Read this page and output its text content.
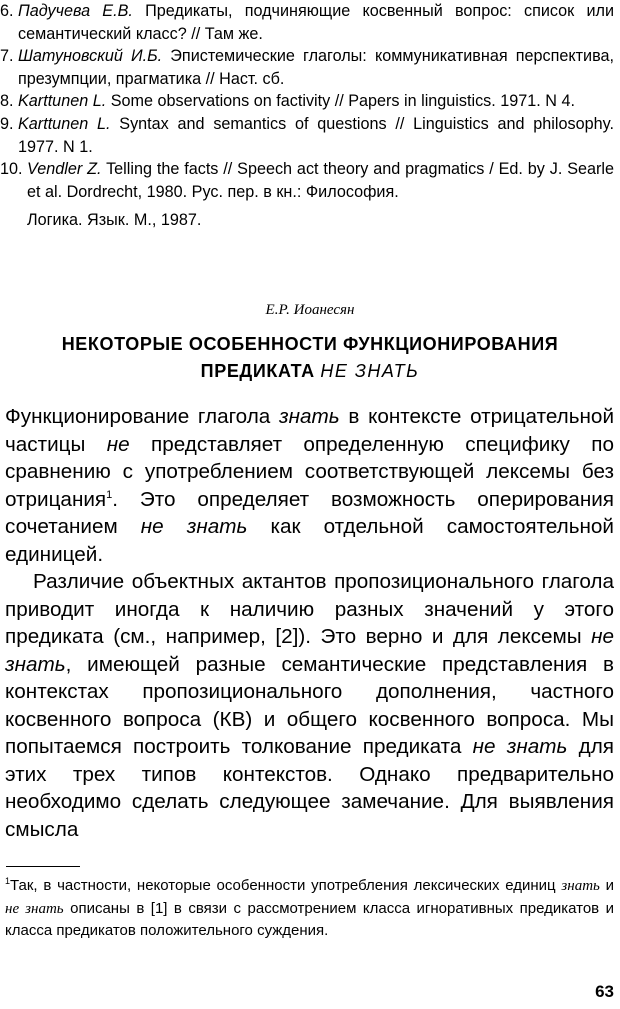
6. Падучева Е.В. Предикаты, подчиняющие косвенный вопрос: список или семантический класс? // Там же.
7. Шатуновский И.Б. Эпистемические глаголы: коммуникативная перспектива, презумпции, прагматика // Наст. сб.
8. Karttunen L. Some observations on factivity // Papers in linguistics. 1971. N 4.
9. Karttunen L. Syntax and semantics of questions // Linguistics and philosophy. 1977. N 1.
10. Vendler Z. Telling the facts // Speech act theory and pragmatics / Ed. by J. Searle et al. Dordrecht, 1980. Рус. пер. в кн.: Философия.
Логика. Язык. М., 1987.
Е.Р. Иоанесян
НЕКОТОРЫЕ ОСОБЕННОСТИ ФУНКЦИОНИРОВАНИЯ
ПРЕДИКАТА НЕ ЗНАТЬ

Функционирование глагола знать в контексте отрицательной частицы не представляет определенную специфику по сравнению с употреблением соответствующей лексемы без отрицания$^1$. Это определяет возможность оперирования сочетанием не знать как отдельной самостоятельной единицей.

Различие объектных актантов пропозиционального глагола приводит иногда к наличию разных значений у этого предиката (см., например, [2]). Это верно и для лексемы не знать, имеющей разные семантические представления в контекстах пропозиционального дополнения, частного косвенного вопроса (КВ) и общего косвенного вопроса. Мы попытаемся построить толкование предиката не знать для этих трех типов контекстов. Однако предварительно необходимо сделать следующее замечание. Для выявления смысла

$^1$Так, в частности, некоторые особенности употребления лексических единиц знать и не знать описаны в [1] в связи с рассмотрением класса игноративных предикатов и класса предикатов положительного суждения.
63
